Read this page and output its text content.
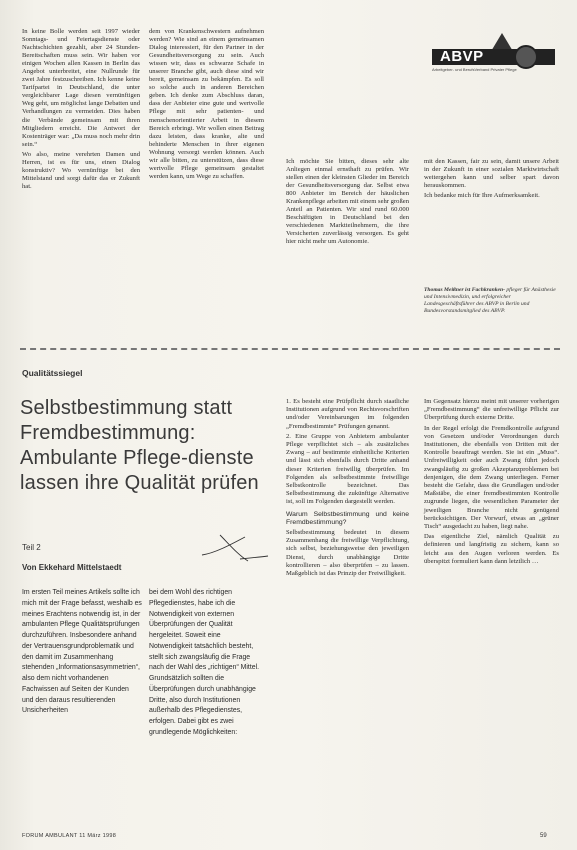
In keine Bolle werden seit 1997 wieder Sonntags- und Feiertagsdienste oder Nachtschichten gezahlt, aber 24 Stunden-Bereitschaften muss sein. Wir haben vor einigen Wochen allen Kassen in Berlin das Angebot unterbreitet, eine Nullrunde für zwei Jahre festzuschreiben. Ich kenne keine Tarifpartei in Deutschland, die unter vergleichbarer Lage diesen vernünftigen Weg geht, um möglichst lange Debatten und Verhandlungen zu vermeiden. Dies haben die Verbände gemeinsam mit ihren Mitgliedern erreicht. Die Antwort der Kostenträger war: „Da muss noch mehr drin sein.“

Wo also, meine verehrten Damen und Herren, ist es für uns, einen Dialog konstruktiv? Wo vernünftige bei den Mittelstand und sorgt dafür das er Zukunft hat.

dem von Krankenschwestern aufnehmen werden? Wie sind an einem gemeinsamen Dialog interessiert, für den Partner in der Gesundheitsversorgung zu sein. Auch wissen wir, dass es schwarze Schafe in unserer Branche gibt, auch diese sind wir bereit, gemeinsam zu bekämpfen. Es soll so solche auch in anderen Bereichen geben. Ich denke zum Abschluss daran, dass der Anbieter eine gute und wertvolle Pflege mit sehr patienten- und menschenorientierter Arbeit in diesem Bereich erbringt. Wir wollen einen Beitrag dazu leisten, dass kranke, alte und behinderte Menschen in ihrer eigenen Wohnung versorgt werden können. Auch wir alle bitten, zu unterstützen, dass diese wertvolle Pflege gemeinsam gestaltet werden kann, um Wege zu schaffen.

Ich möchte Sie bitten, dieses sehr alte Anliegen einmal ernsthaft zu prüfen. Wir stellen einen der kleinsten Glieder im Bereich der Gesundheitsversorgung dar. Selbst etwa 800 Anbieter im Bereich der häuslichen Krankenpflege arbeiten mit einem sehr großen Anteil an Patienten. Wir sind rund 60.000 Beschäftigten in Deutschland bei den verschiedenen Marktteilnehmern, die ihre Versicherten zuverlässig versorgen. Es geht hier nicht mehr um Autonomie.

mit den Kassen, fair zu sein, damit unsere Arbeit in der Zukunft in einer sozialen Marktwirtschaft weitergehen kann und selber spart davon herauskommen.

Ich bedanke mich für Ihre Aufmerksamkeit.

ABVP
Arbeitgeber- und BerufsVerband Privater Pflege
Thomas Meißner ist Fachkranken- pfleger für Anästhesie und Intensivmedizin, und erfolgreicher Landesgeschäftsführer des ABVP in Berlin und Bundesvorstandsmitglied des ABVP.
Qualitätssiegel
Selbstbestimmung statt Fremdbestimmung: Ambulante Pflege-dienste lassen ihre Qualität prüfen
Teil 2
Von Ekkehard Mittelstaedt

Im ersten Teil meines Artikels sollte ich mich mit der Frage befasst, weshalb es meines Erachtens notwendig ist, in der ambulanten Pflege Qualitätsprüfungen durchzuführen. Insbesondere anhand der Vertrauensgrundproblematik und den damit im Zusammenhang stehenden „Informationsasymmetrien“, also dem nicht vorhandenen Fachwissen auf Seiten der Kunden und den daraus resultierenden Unsicherheiten

bei dem Wohl des richtigen Pflegedienstes, habe ich die Notwendigkeit von externen Überprüfungen der Qualität hergeleitet. Soweit eine Notwendigkeit tatsächlich besteht, stellt sich zwangsläufig die Frage nach der Wahl des „richtigen“ Mittel. Grundsätzlich sollten die Überprüfungen durch unabhängige Dritte, also durch Institutionen außerhalb des Pflegedienstes, erfolgen. Dabei gibt es zwei grundlegende Möglichkeiten:

1. Es besteht eine Prüfpflicht durch staatliche Institutionen aufgrund von Rechtsvorschriften und/oder Vereinbarungen im folgenden „Fremdbestimmte“ Prüfungen genannt.

2. Eine Gruppe von Anbietern ambulanter Pflege verpflichtet sich – als zusätzliches Zwang – auf bestimmte einheitliche Kriterien und lässt sich ebenfalls durch Dritte anhand dieser Kriterien freiwillig überprüfen. Im Folgenden als selbstbestimmte freiwillige Selbstkontrolle bezeichnet. Das Selbstbestimmung die zukünftige Alternative ist, soll im Folgenden dargestellt werden.

Warum Selbstbestimmung und keine Fremdbestimmung?

Selbstbestimmung bedeutet in diesem Zusammenhang die freiwillige Verpflichtung, sich selbst, beziehungsweise den jeweiligen Dienst, durch unabhängige Dritte kontrollieren – also überprüfen – zu lassen. Maßgeblich ist das Prinzip der Freiwilligkeit.

Im Gegensatz hierzu meint mit unserer vorherigen „Fremdbestimmung“ die unfreiwillige Pflicht zur Überprüfung durch externe Dritte.

In der Regel erfolgt die Fremdkontrolle aufgrund von Gesetzen und/oder Verordnungen durch Institutionen, die ebenfalls von Dritten mit der Kontrolle beauftragt werden. Sie ist ein „Muss“. Unfreiwilligkeit oder auch Zwang führt jedoch zwangsläufig zu großen Akzeptanzproblemen bei denjenigen, die dem Zwang unterliegen. Ferner besteht die Gefahr, dass die Grundlagen und/oder Maßstäbe, die einer fremdbestimmten Kontrolle zugrunde liegen, die wesentlichen Parameter der jeweiligen Branche nicht genügend berücksichtigen. Der Vorwurf, etwas an „grüner Tisch“ ausgedacht zu haben, liegt nahe.

Das eigentliche Ziel, nämlich Qualität zu definieren und langfristig zu sichern, kann so leicht aus den Augen verloren werden. Es überspitzt formuliert kann dann letztlich …

FORUM AMBULANT 11 März 1998	59
